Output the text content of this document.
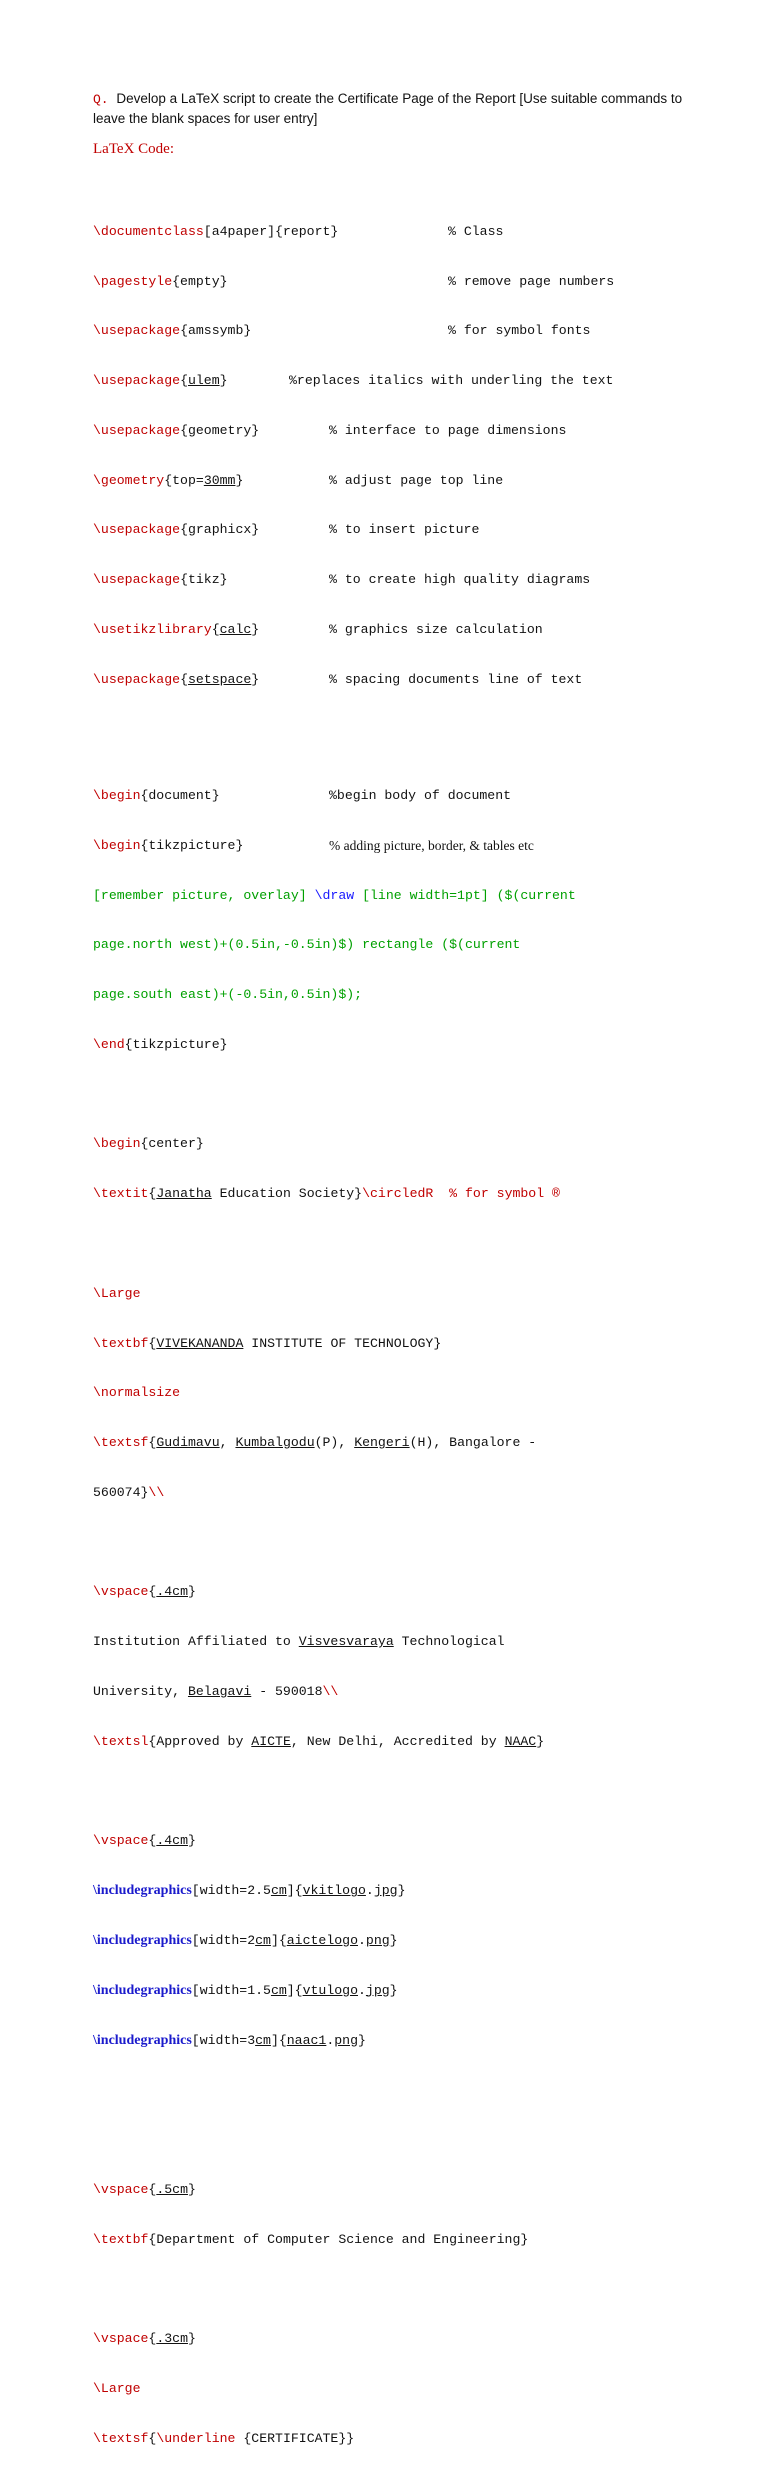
Q. Develop a LaTeX script to create the Certificate Page of the Report [Use suitable commands to leave the blank spaces for user entry]
LaTeX Code:

\documentclass[a4paper]{report}	% Class

\pagestyle{empty}	% remove page numbers

\usepackage{amssymb}	% for symbol fonts

\usepackage{ulem}	%replaces italics with underling the text

\usepackage{geometry}	% interface to page dimensions

\geometry{top=30mm}	% adjust page top line

\usepackage{graphicx}	% to insert picture

\usepackage{tikz}	% to create high quality diagrams

\usetikzlibrary{calc}	% graphics size calculation

\usepackage{setspace}	% spacing documents line of text

\begin{document}	%begin body of document

\begin{tikzpicture}	% adding picture, border, & tables etc

[remember picture, overlay] \draw [line width=1pt] ($(current

page.north west)+(0.5in,-0.5in)$) rectangle ($(current

page.south east)+(-0.5in,0.5in)$);

\end{tikzpicture}

\begin{center}

\textit{Janatha Education Society}\circledR  % for symbol ®

\Large

\textbf{VIVEKANANDA INSTITUTE OF TECHNOLOGY}

\normalsize

\textsf{Gudimavu, Kumbalgodu(P), Kengeri(H), Bangalore -

560074}\\

\vspace{.4cm}

Institution Affiliated to Visvesvaraya Technological

University, Belagavi - 590018\\

\textsl{Approved by AICTE, New Delhi, Accredited by NAAC}

\vspace{.4cm}

\includegraphics[width=2.5cm]{vkitlogo.jpg}

\includegraphics[width=2cm]{aictelogo.png}

\includegraphics[width=1.5cm]{vtulogo.jpg}

\includegraphics[width=3cm]{naac1.png}

\vspace{.5cm}

\textbf{Department of Computer Science and Engineering}

\vspace{.3cm}

\Large

\textsf{\underline {CERTIFICATE}}
